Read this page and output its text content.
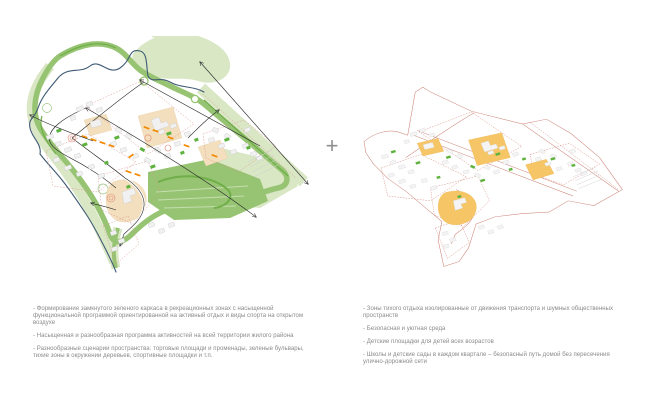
+

- Формирование замкнутого зеленого каркаса в рекреационных зонах с насыщенной функциональной программой ориентированной на активный отдых и виды спорта на открытом воздухе

- Насыщенная и разнообразная программа активностей на всей территории жилого района

- Разнообразные сценарии пространства: торговые площади и променады, зеленые бульвары, тихие зоны в окружении деревьев, спортивные площадки и т.п.

- Зоны тихого отдыха изолированные от движения транспорта и шумных общественных пространств

- Безопасная и уютная среда

- Детские площадки для детей всех возрастов

- Школы и детские сады в каждом квартале – безопасный путь домой без пересечения улично-дорожной сети
